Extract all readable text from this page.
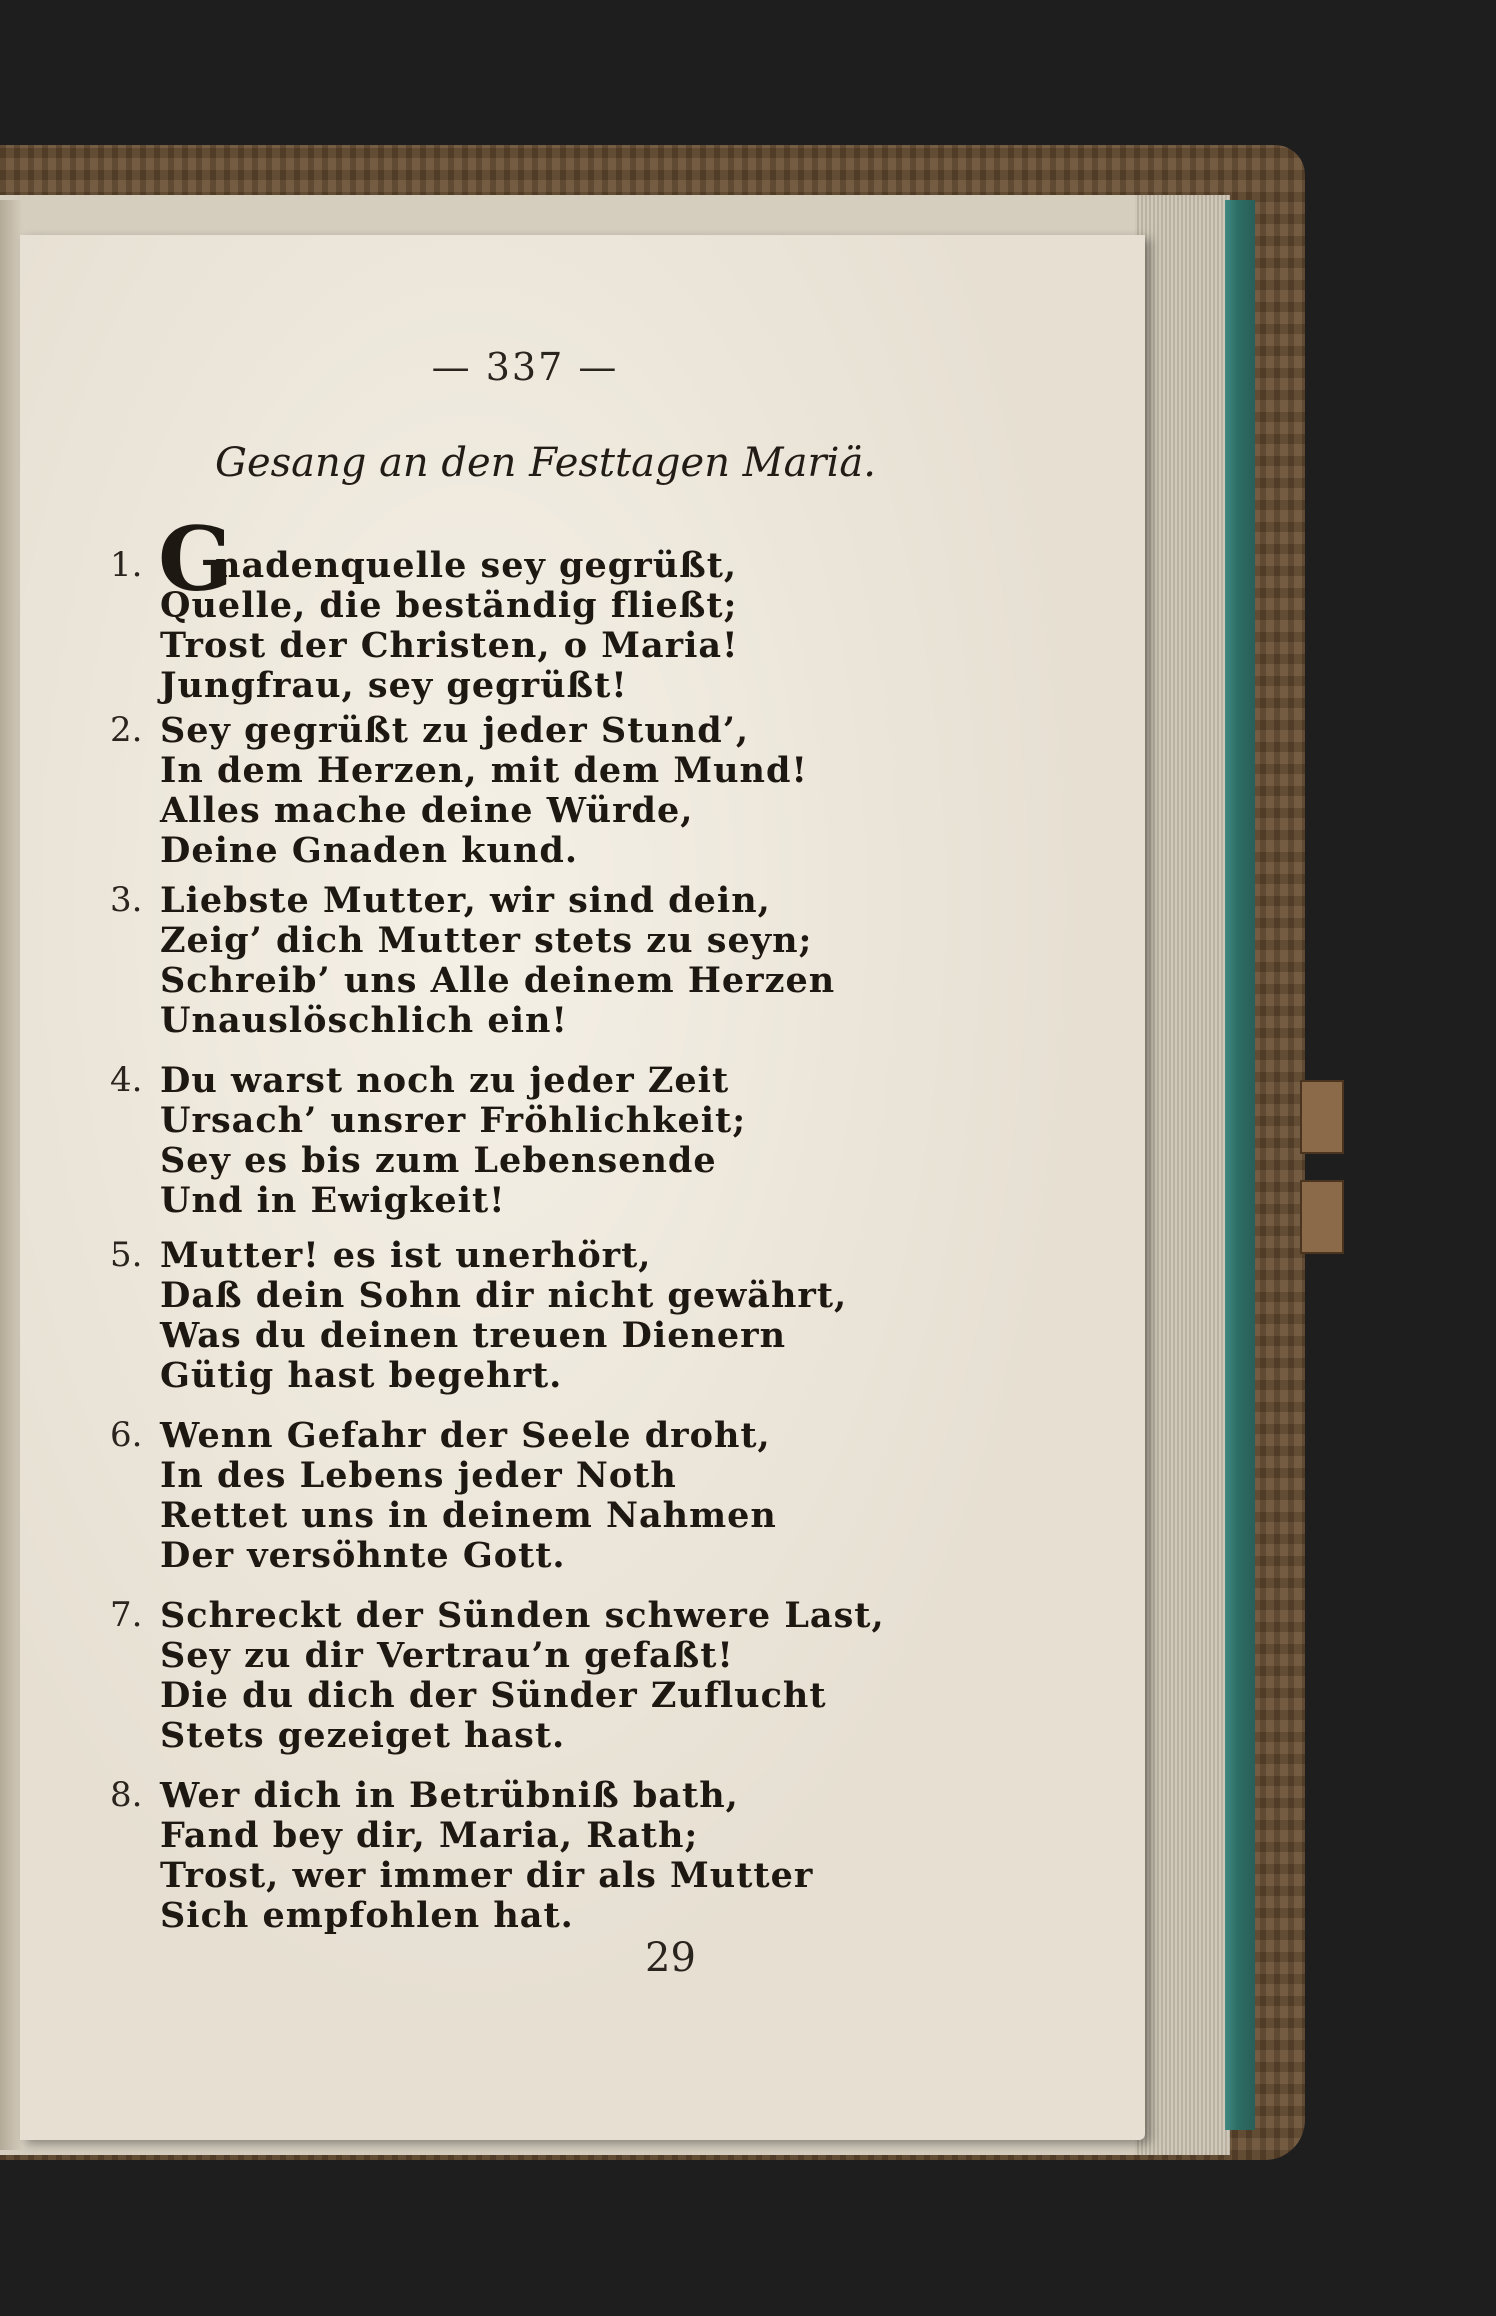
— 337 —
Gesang an den Festtagen Mariä.
1. G
nadenquelle sey gegrüßt,
Quelle, die beständig fließt;
Trost der Christen, o Maria!
Jungfrau, sey gegrüßt!
2. Sey gegrüßt zu jeder Stund’,
In dem Herzen, mit dem Mund!
Alles mache deine Würde,
Deine Gnaden kund.
3. Liebste Mutter, wir sind dein,
Zeig’ dich Mutter stets zu seyn;
Schreib’ uns Alle deinem Herzen
Unauslöschlich ein!
4. Du warst noch zu jeder Zeit
Ursach’ unsrer Fröhlichkeit;
Sey es bis zum Lebensende
Und in Ewigkeit!
5. Mutter! es ist unerhört,
Daß dein Sohn dir nicht gewährt,
Was du deinen treuen Dienern
Gütig hast begehrt.
6. Wenn Gefahr der Seele droht,
In des Lebens jeder Noth
Rettet uns in deinem Nahmen
Der versöhnte Gott.
7. Schreckt der Sünden schwere Last,
Sey zu dir Vertrau’n gefaßt!
Die du dich der Sünder Zuflucht
Stets gezeiget hast.
8. Wer dich in Betrübniß bath,
Fand bey dir, Maria, Rath;
Trost, wer immer dir als Mutter
Sich empfohlen hat.
29
